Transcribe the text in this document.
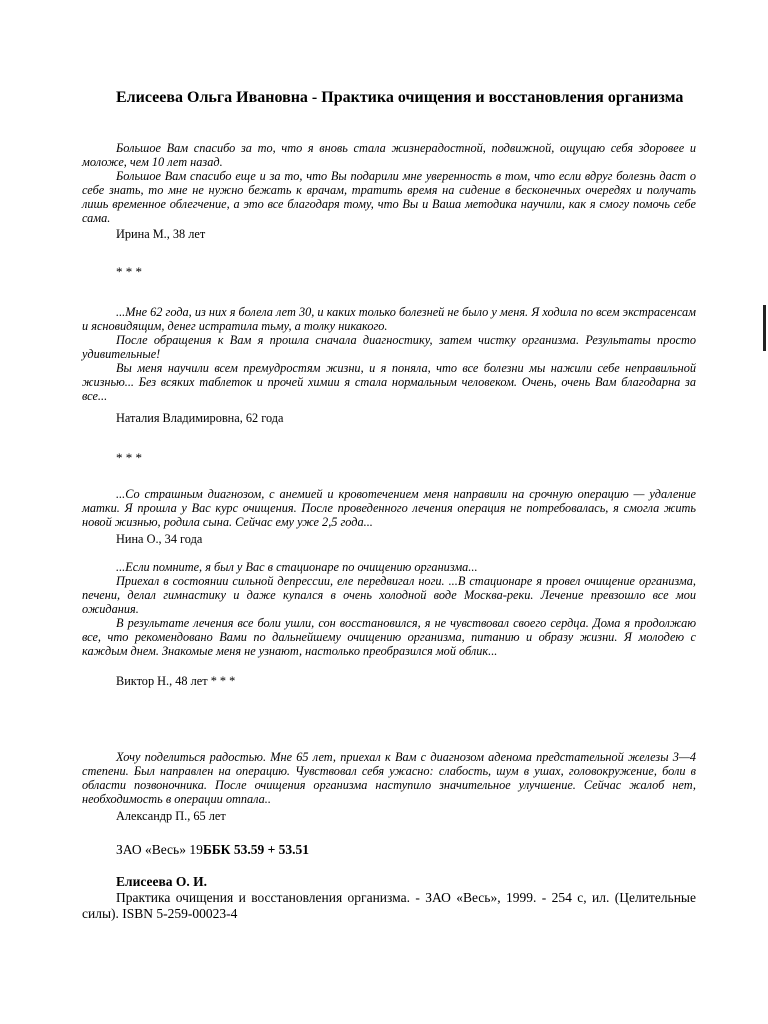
Елисеева Ольга Ивановна - Практика очищения и восстановления организма

Большое Вам спасибо за то, что я вновь стала жизнерадостной, подвижной, ощущаю себя здоровее и моложе, чем 10 лет назад.

Большое Вам спасибо еще и за то, что Вы подарили мне уверенность в том, что если вдруг болезнь даст о себе знать, то мне не нужно бежать к врачам, тратить время на сидение в бесконечных очередях и получать лишь временное облегчение, а это все благодаря тому, что Вы и Ваша методика научили, как я смогу помочь себе сама.

Ирина М., 38 лет

* * *

...Мне 62 года, из них я болела лет 30, и каких только болезней не было у меня. Я ходила по всем экстрасенсам и ясновидящим, денег истратила тьму, а толку никакого.

После обращения к Вам я прошла сначала диагностику, затем чистку организма. Результаты просто удивительные!

Вы меня научили всем премудростям жизни, и я поняла, что все болезни мы нажили себе неправильной жизнью... Без всяких таблеток и прочей химии я стала нормальным человеком. Очень, очень Вам благодарна за все...

Наталия Владимировна, 62 года

* * *

...Со страшным диагнозом, с анемией и кровотечением меня направили на срочную операцию — удаление матки. Я прошла у Вас курс очищения. После проведенного лечения операция не потребовалась, я смогла жить новой жизнью, родила сына. Сейчас ему уже 2,5 года...

Нина О., 34 года

...Если помните, я был у Вас в стационаре по очищению организма...

Приехал в состоянии сильной депрессии, еле передвигал ноги. ...В стационаре я провел очищение организма, печени, делал гимнастику и даже купался в очень холодной воде Москва-реки. Лечение превзошло все мои ожидания.

В результате лечения все боли ушли, сон восстановился, я не чувствовал своего сердца. Дома я продолжаю все, что рекомендовано Вами по дальнейшему очищению организма, питанию и образу жизни. Я молодею с каждым днем. Знакомые меня не узнают, настолько преобразился мой облик...

Виктор Н., 48 лет * * *

Хочу поделиться радостью. Мне 65 лет, приехал к Вам с диагнозом аденома предстательной железы 3—4 степени. Был направлен на операцию. Чувствовал себя ужасно: слабость, шум в ушах, головокружение, боли в области позвоночника. После очищения организма наступило значительное улучшение. Сейчас жалоб нет, необходимость в операции отпала..

Александр П., 65 лет

ЗАО «Весь» 19ББК 53.59 + 53.51

Елисеева О. И.

Практика очищения и восстановления организма. - ЗАО «Весь», 1999. - 254 с, ил. (Целительные силы). ISBN 5-259-00023-4
